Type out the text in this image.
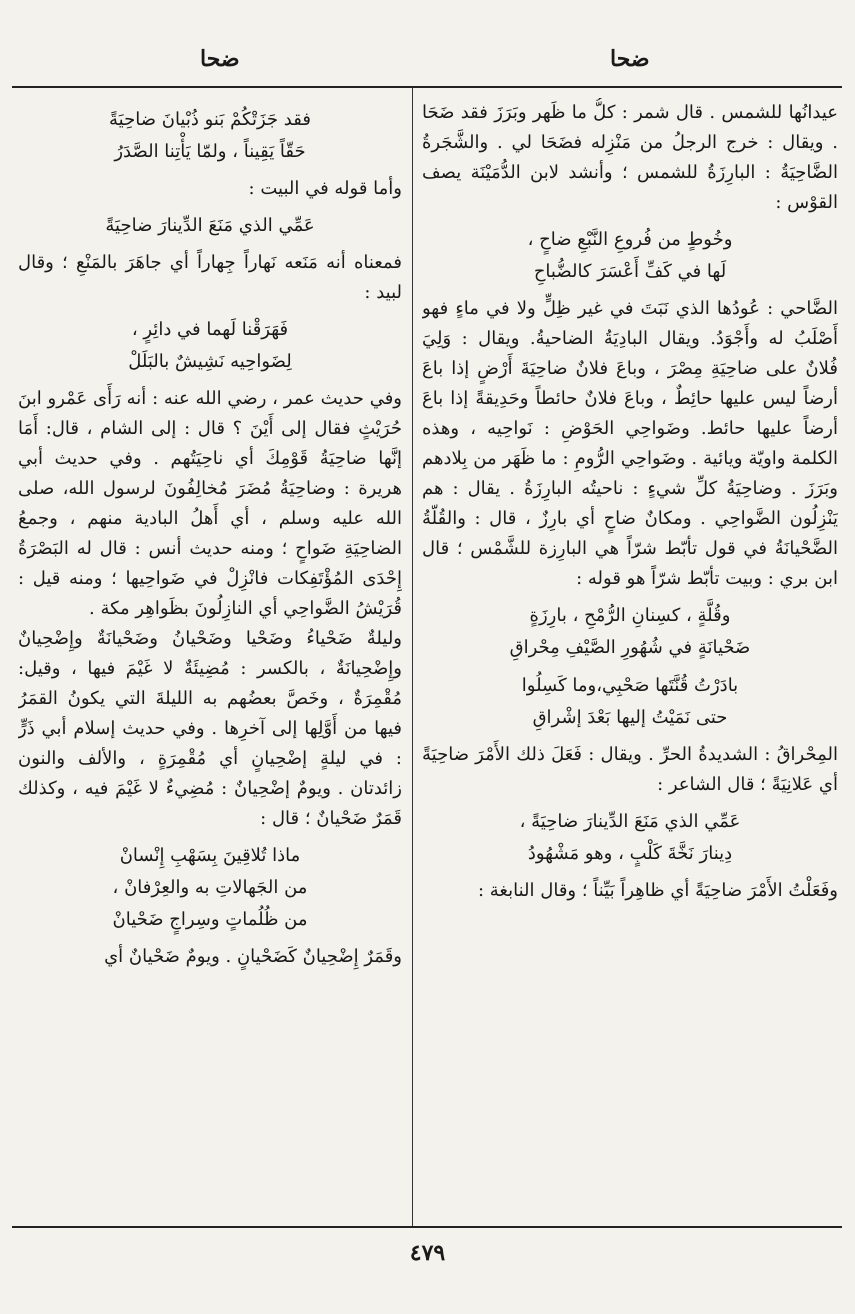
ضحا
ضحا

عيدانُها للشمس . قال شمر : كلُّ ما ظَهر وبَرَزَ فقد ضَحَا . ويقال : خرج الرجلُ من مَنْزِله فضَحَا لي . والشَّجَرةُ الضَّاحِيَةُ : البارِزَةُ للشمس ؛ وأنشد لابن الدُّمَيْنَة يصف القوْس :

وخُوطٍ من فُروعِ النَّبْعِ ضاحٍ ،
لَها في كَفِّ أَعْسَرَ كالضُّباحِ

الضَّاحي : عُودُها الذي نَبَتَ في غير ظِلٍّ ولا في ماءٍ فهو أَصْلَبُ له وأَجْوَدُ. ويقال البادِيَةُ الضاحيةُ. ويقال : وَلِيَ فُلانٌ على ضاحِيَةِ مِصْرَ ، وباعَ فلانٌ ضاحِيَةَ أَرْضٍ إذا باعَ أرضاً ليس عليها حائِطٌ ، وباعَ فلانٌ حائطاً وحَدِيقةً إذا باعَ أرضاً عليها حائط. وضَواحِي الحَوْضِ : نَواحِيه ، وهذه الكلمة واويّة ويائية . وضَواحِي الرُّومِ : ما ظَهَر من بِلادهم وبَرَزَ . وضاحِيَةُ كلِّ شيءٍ : ناحيتُه البارِزَةُ . يقال : هم يَنْزِلُون الضَّواحِي . ومكانٌ ضاحٍ أي بارِزٌ ، قال : والقُلّةُ الضَّحْيانَةُ في قول تأبّط شرّاً هي البارِزة للشَّمْس ؛ قال ابن بري : وبيت تأبّط شرّاً هو قوله :

وقُلَّةٍ ، كسِنانِ الرُّمْحِ ، بارِزَةٍ
ضَحْيانَةٍ في شُهُورِ الصَّيْفِ مِحْراقِ
بادَرْتُ قُنَّتَها صَحْبِي،وما كَسِلُوا
حتى نَمَيْتُ إليها بَعْدَ إشْراقِ

المِحْراقُ : الشديدةُ الحرِّ . ويقال : فَعَلَ ذلك الأَمْرَ ضاحِيَةً أي عَلانِيَةً ؛ قال الشاعر :

عَمِّي الذي مَنَعَ الدِّينارَ ضاحِيَةً ،
دِينارَ نَخَّةَ كَلْبٍ ، وهو مَشْهُودُ

وفَعَلْتُ الأَمْرَ ضاحِيَةً أي ظاهِراً بَيِّناً ؛ وقال النابغة :

فقد جَزَتْكُمْ بَنو ذُبْيانَ ضاحِيَةً
حَقّاً يَقِيناً ، ولمّا يَأْتِنا الصَّدَرُ

وأما قوله في البيت :

عَمِّي الذي مَنَعَ الدِّينارَ ضاحِيَةً

فمعناه أنه مَنَعه نَهاراً جِهاراً أي جاهَرَ بالمَنْعِ ؛ وقال لبيد :

فَهَرَقْنا لَهما في دائِرٍ ،
لِضَواحِيه نَشِيشٌ بالبَلَلْ

وفي حديث عمر ، رضي الله عنه : أنه رَأَى عَمْرو ابنَ حُرَيْثٍ فقال إلى أَيْنَ ؟ قال : إلى الشام ، قال: أَمَا إنَّها ضاحِيَةُ قَوْمِكَ أي ناحِيَتُهم . وفي حديث أبي هريرة : وضاحِيَةُ مُضَرَ مُخالِفُونَ لرسول الله، صلى الله عليه وسلم ، أي أَهلُ البادية منهم ، وجمعُ الضاحِيَةِ ضَواحٍ ؛ ومنه حديث أنس : قال له البَصْرَةُ إِحْدَى المُؤْتَفِكات فانْزِلْ في ضَواحِيها ؛ ومنه قيل : قُرَيْشُ الضَّواحِي أي النازِلُونَ بظَواهِر مكة .

وليلةٌ ضَحْياءُ وضَحْيا وضَحْيانُ وضَحْيانَةٌ وإِضْحِيانٌ وإِضْحِيانَةٌ ، بالكسر : مُضِيئَةٌ لا غَيْمَ فيها ، وقيل: مُقْمِرَةٌ ، وخَصَّ بعضُهم به الليلةَ التي يكونُ القمَرُ فيها من أَوَّلِها إلى آخرِها . وفي حديث إسلام أبي ذَرٍّ : في ليلةٍ إضْحِيانٍ أي مُقْمِرَةٍ ، والألف والنون زائدتان . ويومٌ إضْحِيانٌ : مُضِيءٌ لا غَيْمَ فيه ، وكذلك قَمَرٌ ضَحْيانٌ ؛ قال :

ماذا تُلاقِينَ بِسَهْبِ إِنْسانْ
من الجَهالاتِ به والعِرْفانْ ،
من ظُلُماتٍ وسِراجٍ ضَحْيانْ

وقَمَرٌ إِضْحِيانٌ كَضَحْيانٍ . ويومٌ ضَحْيانٌ أي

٤٧٩
